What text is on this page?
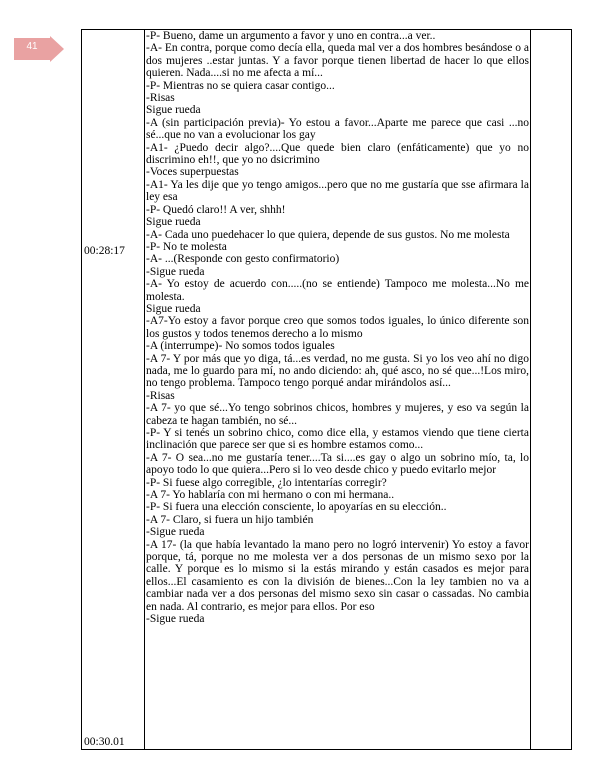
41
00:28:17
00:30.01

-P- Bueno, dame un argumento a favor y uno en contra...a ver..

-A- En contra, porque como decía ella, queda mal ver a dos hombres besándose o a dos mujeres ..estar juntas. Y a favor porque tienen libertad de hacer lo que ellos quieren. Nada....si no me afecta a mí...

-P- Mientras no se quiera casar contigo...

-Risas

Sigue rueda

-A (sin participación previa)- Yo estou a favor...Aparte me parece que casi ...no sé...que no van a evolucionar los gay

-A1- ¿Puedo decir algo?....Que quede bien claro (enfáticamente) que yo no discrimino eh!!, que yo no dsicrimino

-Voces superpuestas

-A1- Ya les dije que yo tengo amigos...pero que no me gustaría que sse afirmara la ley esa

-P- Quedó claro!! A ver, shhh!

Sigue rueda

-A- Cada uno puedehacer lo que quiera, depende de sus gustos. No me molesta

-P- No te molesta

-A- ...(Responde con gesto confirmatorio)

-Sigue rueda

-A- Yo estoy de acuerdo con.....(no se entiende) Tampoco me molesta...No me molesta.

Sigue rueda

-A7-Yo estoy a favor porque creo que somos todos iguales, lo único diferente son los gustos y todos tenemos derecho a lo mismo

-A (interrumpe)- No somos todos iguales

-A 7- Y por más que yo diga, tá...es verdad, no me gusta. Si yo los veo ahí no digo nada, me lo guardo para mí, no ando diciendo: ah, qué asco, no sé que...!Los miro, no tengo problema. Tampoco tengo porqué andar mirándolos así...

-Risas

-A 7- yo que sé...Yo tengo sobrinos chicos, hombres y mujeres, y eso va según la cabeza te hagan también, no sé...

-P- Y si tenés un sobrino chico, como dice ella, y estamos viendo que tiene cierta inclinación que parece ser que si es hombre estamos como...

-A 7- O sea...no me gustaría tener....Ta si....es gay o algo un sobrino mío, ta, lo apoyo todo lo que quiera...Pero si lo veo desde chico y puedo evitarlo mejor

-P- Si fuese algo corregible, ¿lo intentarías corregir?

-A 7- Yo hablaría con mi hermano o con mi hermana..

-P- Si fuera una elección consciente, lo apoyarías en su elección..

-A 7- Claro, si fuera un hijo también

-Sigue rueda

-A 17- (la que había levantado la mano pero no logró intervenir) Yo estoy a favor porque, tá, porque no me molesta ver a dos personas de un mismo sexo por la calle. Y porque es lo mismo si la estás mirando y están casados es mejor para ellos...El casamiento es con la división de bienes...Con la ley tambien no va a cambiar nada ver a dos personas del mismo sexo sin casar o cassadas. No cambia en nada. Al contrario, es mejor para ellos. Por eso

-Sigue rueda
